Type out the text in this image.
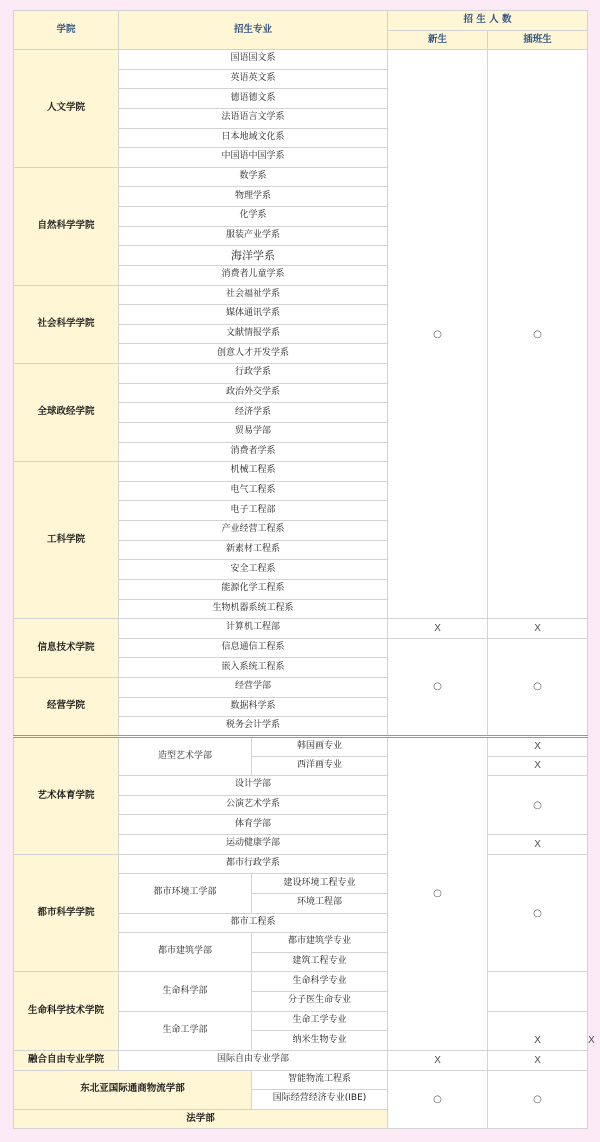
学院	招生专业		招 生 人 数		
			新生	插班生	
人文学院	国语国文系		○	○	
	英语英文系				
	德语德文系				
	法语语言文学系				
	日本地域文化系				
	中国语中国学系				
自然科学学院	数学系				
	物理学系				
	化学系				
	服装产业学系				
	海洋学系				
	消费者儿童学系				
社会科学学院	社会福祉学系				
	媒体通讯学系				
	文献情报学系				
	创意人才开发学系				
全球政经学院	行政学系				
	政治外交学系				
	经济学系				
	贸易学部				
	消费者学系				
工科学院	机械工程系				
	电气工程系				
	电子工程部				
	产业经营工程系				
	新素材工程系				
	安全工程系				
	能源化学工程系				
	生物机器系统工程系				
信息技术学院	计算机工程部		X	X	
	信息通信工程系		○	○	
	嵌入系统工程系				
经营学院	经营学部				
	数据科学系				
	税务会计学系				
艺术体育学院	造型艺术学部	韩国画专业	○	X	
		西洋画专业		X	
	设计学部			○	
	公演艺术学系				
	体育学部				
	运动健康学部			X	
都市科学学院	都市行政学系			○	
	都市环境工学部	建设环境工程专业			
		环境工程部			
	都市工程系				
	都市建筑学部	都市建筑学专业			
		建筑工程专业			
生命科学技术学院	生命科学部	生命科学专业			
		分子医生命专业			
	生命工学部	生命工学专业		X	X
		纳米生物专业			
融合自由专业学院	国际自由专业学部		X	X	
东北亚国际通商物流学部		智能物流工程系	○	○	
		国际经营经济专业(IBE)			
法学部					
